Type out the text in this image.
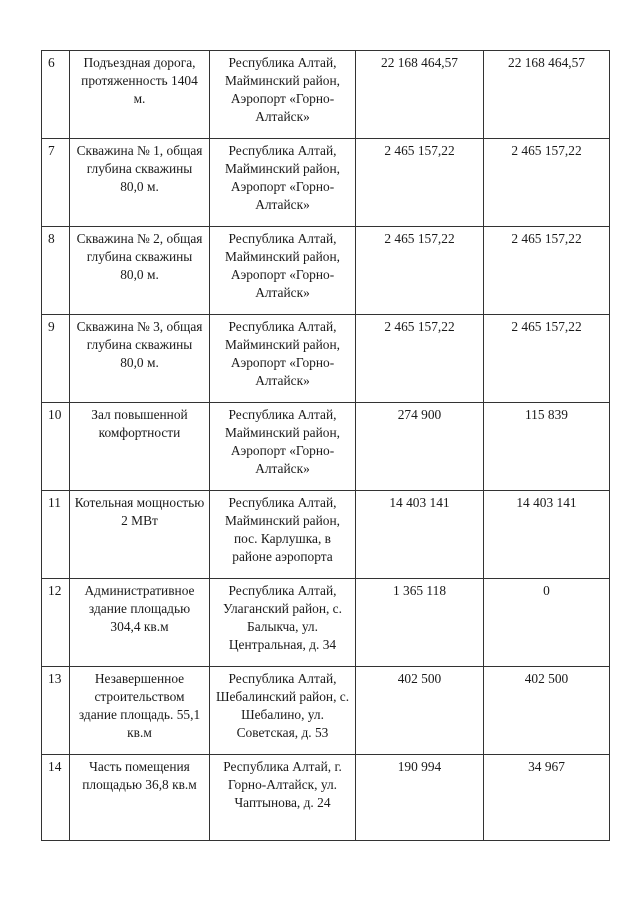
6	Подъездная дорога, протяженность 1404 м.	Республика Алтай, Майминский район, Аэропорт «Горно-Алтайск»	22 168 464,57	22 168 464,57
7	Скважина № 1, общая глубина скважины 80,0 м.	Республика Алтай, Майминский район, Аэропорт «Горно-Алтайск»	2 465 157,22	2 465 157,22
8	Скважина № 2, общая глубина скважины 80,0 м.	Республика Алтай, Майминский район, Аэропорт «Горно-Алтайск»	2 465 157,22	2 465 157,22
9	Скважина № 3, общая глубина скважины 80,0 м.	Республика Алтай, Майминский район, Аэропорт «Горно-Алтайск»	2 465 157,22	2 465 157,22
10	Зал повышенной комфортности	Республика Алтай, Майминский район, Аэропорт «Горно-Алтайск»	274 900	115 839
11	Котельная мощностью 2 МВт	Республика Алтай, Майминский район, пос. Карлушка, в районе аэропорта	14 403 141	14 403 141
12	Административное здание площадью 304,4 кв.м	Республика Алтай, Улаганский район, с. Балыкча, ул. Центральная, д. 34	1 365 118	0
13	Незавершенное строительством здание площадь. 55,1 кв.м	Республика Алтай, Шебалинский район, с. Шебалино, ул. Советская, д. 53	402 500	402 500
14	Часть помещения площадью 36,8 кв.м	Республика Алтай, г. Горно-Алтайск, ул. Чаптынова, д. 24	190 994	34 967
